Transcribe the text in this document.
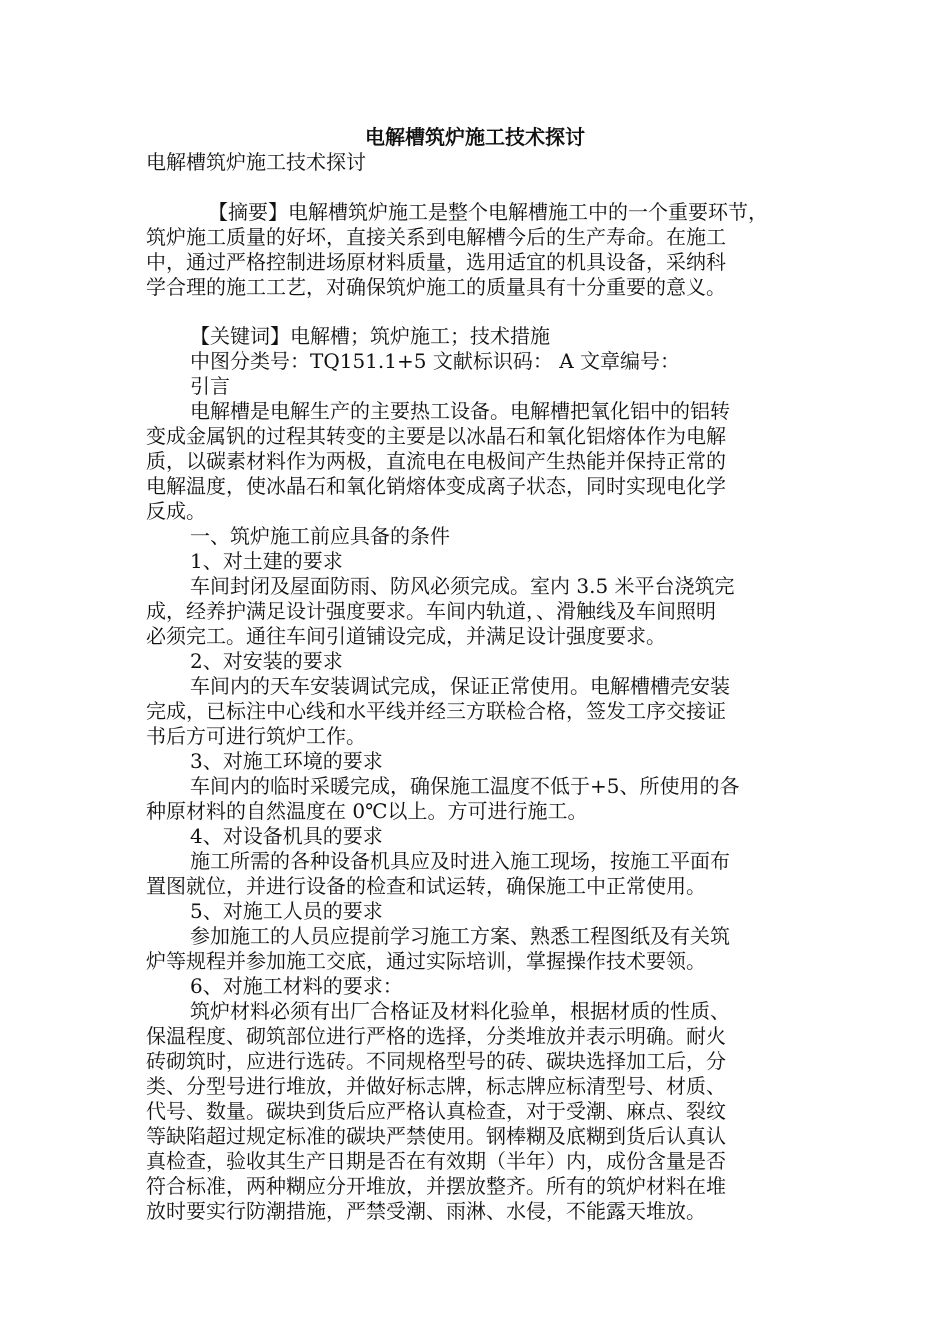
电解槽筑炉施工技术探讨
电解槽筑炉施工技术探讨
【摘要】电解槽筑炉施工是整个电解槽施工中的一个重要环节，
筑炉施工质量的好坏，直接关系到电解槽今后的生产寿命。在施工
中，通过严格控制进场原材料质量，选用适宜的机具设备，采纳科
学合理的施工工艺，对确保筑炉施工的质量具有十分重要的意义。
【关键词】电解槽；筑炉施工；技术措施
中图分类号：TQ151.1+5 文献标识码： A 文章编号：
引言
电解槽是电解生产的主要热工设备。电解槽把氧化铝中的铝转
变成金属钒的过程其转变的主要是以冰晶石和氧化铝熔体作为电解
质，以碳素材料作为两极，直流电在电极间产生热能并保持正常的
电解温度，使冰晶石和氧化销熔体变成离子状态，同时实现电化学
反成。
一、筑炉施工前应具备的条件
1、对土建的要求
车间封闭及屋面防雨、防风必须完成。室内 3.5 米平台浇筑完
成，经养护满足设计强度要求。车间内轨道，、滑触线及车间照明
必须完工。通往车间引道铺设完成，并满足设计强度要求。
2、对安装的要求
车间内的天车安装调试完成，保证正常使用。电解槽槽壳安装
完成，已标注中心线和水平线并经三方联检合格，签发工序交接证
书后方可进行筑炉工作。
3、对施工环境的要求
车间内的临时采暖完成，确保施工温度不低于+5、所使用的各
种原材料的自然温度在 0℃以上。方可进行施工。
4、对设备机具的要求
施工所需的各种设备机具应及时进入施工现场，按施工平面布
置图就位，并进行设备的检查和试运转，确保施工中正常使用。
5、对施工人员的要求
参加施工的人员应提前学习施工方案、熟悉工程图纸及有关筑
炉等规程并参加施工交底，通过实际培训，掌握操作技术要领。
6、对施工材料的要求：
筑炉材料必须有出厂合格证及材料化验单，根据材质的性质、
保温程度、砌筑部位进行严格的选择，分类堆放并表示明确。耐火
砖砌筑时，应进行选砖。不同规格型号的砖、碳块选择加工后，分
类、分型号进行堆放，并做好标志牌，标志牌应标清型号、材质、
代号、数量。碳块到货后应严格认真检查，对于受潮、麻点、裂纹
等缺陷超过规定标准的碳块严禁使用。钢棒糊及底糊到货后认真认
真检查，验收其生产日期是否在有效期（半年）内，成份含量是否
符合标准，两种糊应分开堆放，并摆放整齐。所有的筑炉材料在堆
放时要实行防潮措施，严禁受潮、雨淋、水侵，不能露天堆放。
